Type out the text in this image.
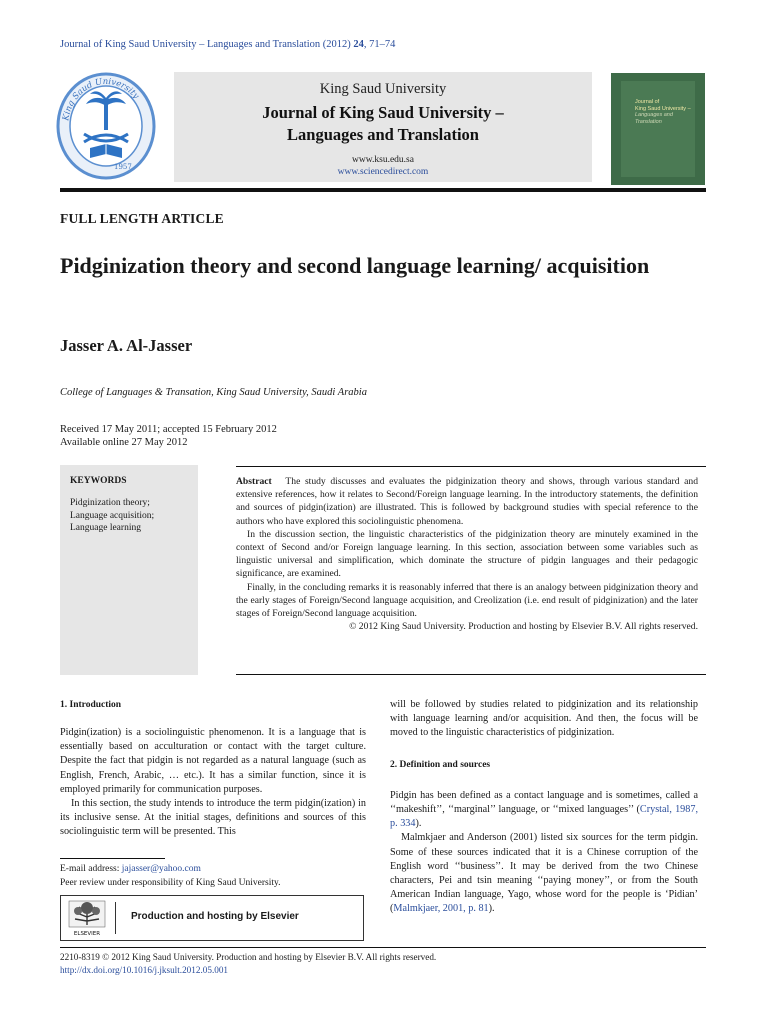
Journal of King Saud University – Languages and Translation (2012) 24, 71–74
King Saud University
1957
King Saud University
Journal of King Saud University –
Languages and Translation
www.ksu.edu.sa
www.sciencedirect.com
Journal of
King Saud University –
Languages and
Translation
FULL LENGTH ARTICLE
Pidginization theory and second language learning/ acquisition
Jasser A. Al-Jasser
College of Languages & Transation, King Saud University, Saudi Arabia
Received 17 May 2011; accepted 15 February 2012
Available online 27 May 2012
KEYWORDS
Pidginization theory;
Language acquisition;
Language learning

Abstract The study discusses and evaluates the pidginization theory and shows, through various standard and extensive references, how it relates to Second/Foreign language learning. In the introductory statements, the definition and sources of pidgin(ization) are illustrated. This is followed by background studies with special reference to the authors who have explored this sociolinguistic phenomena.

In the discussion section, the linguistic characteristics of the pidginization theory are minutely examined in the context of Second and/or Foreign language learning. In this section, association between some variables such as linguistic universal and simplification, which dominate the structure of pidgin languages and their pedagogic significance, are examined.

Finally, in the concluding remarks it is reasonably inferred that there is an analogy between pidginization theory and the early stages of Foreign/Second language acquisition, and Creolization (i.e. end result of pidginization) and the later stages of Foreign/Second language acquisition.

© 2012 King Saud University. Production and hosting by Elsevier B.V. All rights reserved.

1. Introduction

Pidgin(ization) is a sociolinguistic phenomenon. It is a language that is essentially based on acculturation or contact with the target culture. Despite the fact that pidgin is not regarded as a natural language (such as English, French, Arabic, … etc.). It has a similar function, since it is employed primarily for communication purposes.

In this section, the study intends to introduce the term pidgin(ization) in its inclusive sense. At the initial stages, definitions and sources of this sociolinguistic term will be presented. This

will be followed by studies related to pidginization and its relationship with language learning and/or acquisition. And then, the focus will be moved to the linguistic characteristics of pidginization.

2. Definition and sources

Pidgin has been defined as a contact language and is sometimes, called a ‘‘makeshift’’, ‘‘marginal’’ language, or ‘‘mixed languages’’ (Crystal, 1987, p. 334).

Malmkjaer and Anderson (2001) listed six sources for the term pidgin. Some of these sources indicated that it is a Chinese corruption of the English word ‘‘business’’. It may be derived from the two Chinese characters, Pei and tsin meaning ‘‘paying money’’, or from the South American Indian language, Yago, whose word for the people is ‘Pidian’ (Malmkjaer, 2001, p. 81).

E-mail address: jajasser@yahoo.com
Peer review under responsibility of King Saud University.
ELSEVIER
Production and hosting by Elsevier
2210-8319 © 2012 King Saud University. Production and hosting by Elsevier B.V. All rights reserved.
http://dx.doi.org/10.1016/j.jksult.2012.05.001
